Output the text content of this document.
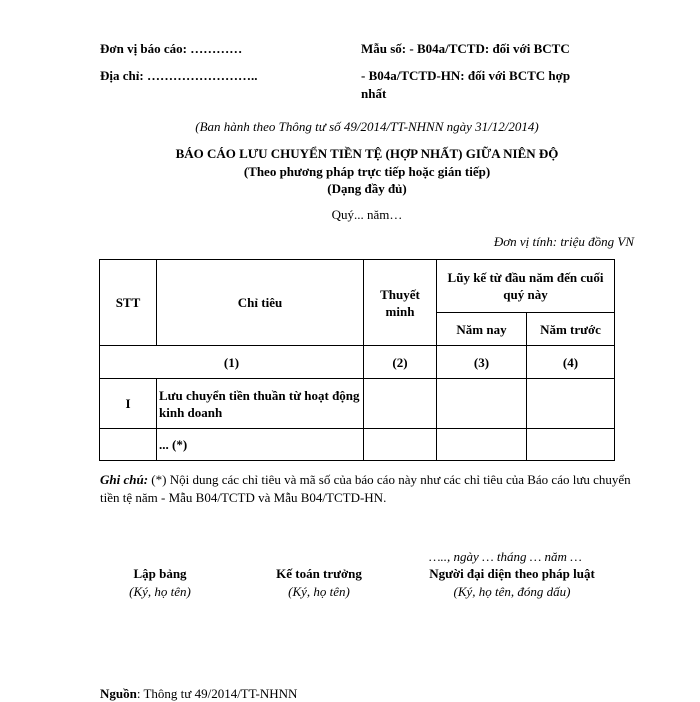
Đơn vị báo cáo: …………
Địa chỉ: ……………………..
Mẫu số: - B04a/TCTD: đối với BCTC
- B04a/TCTD-HN: đối với BCTC hợp
nhất
(Ban hành theo Thông tư số 49/2014/TT-NHNN ngày 31/12/2014)
BÁO CÁO LƯU CHUYỂN TIỀN TỆ (HỢP NHẤT) GIỮA NIÊN ĐỘ
(Theo phương pháp trực tiếp hoặc gián tiếp)
(Dạng đầy đủ)
Quý... năm…
Đơn vị tính: triệu đồng VN
STT	Chỉ tiêu	Thuyết minh	Lũy kế từ đầu năm đến cuối quý này	
			Năm nay	Năm trước
(1)		(2)	(3)	(4)
I	Lưu chuyển tiền thuần từ hoạt động kinh doanh			
	... (*)			
Ghi chú: (*) Nội dung các chỉ tiêu và mã số của báo cáo này như các chỉ tiêu của Báo cáo lưu chuyển tiền tệ năm - Mẫu B04/TCTD và Mẫu B04/TCTD-HN.
….., ngày … tháng … năm …
Lập bảng
(Ký, họ tên)
Kế toán trưởng
(Ký, họ tên)
Người đại diện theo pháp luật
(Ký, họ tên, đóng dấu)
Nguồn: Thông tư 49/2014/TT-NHNN
